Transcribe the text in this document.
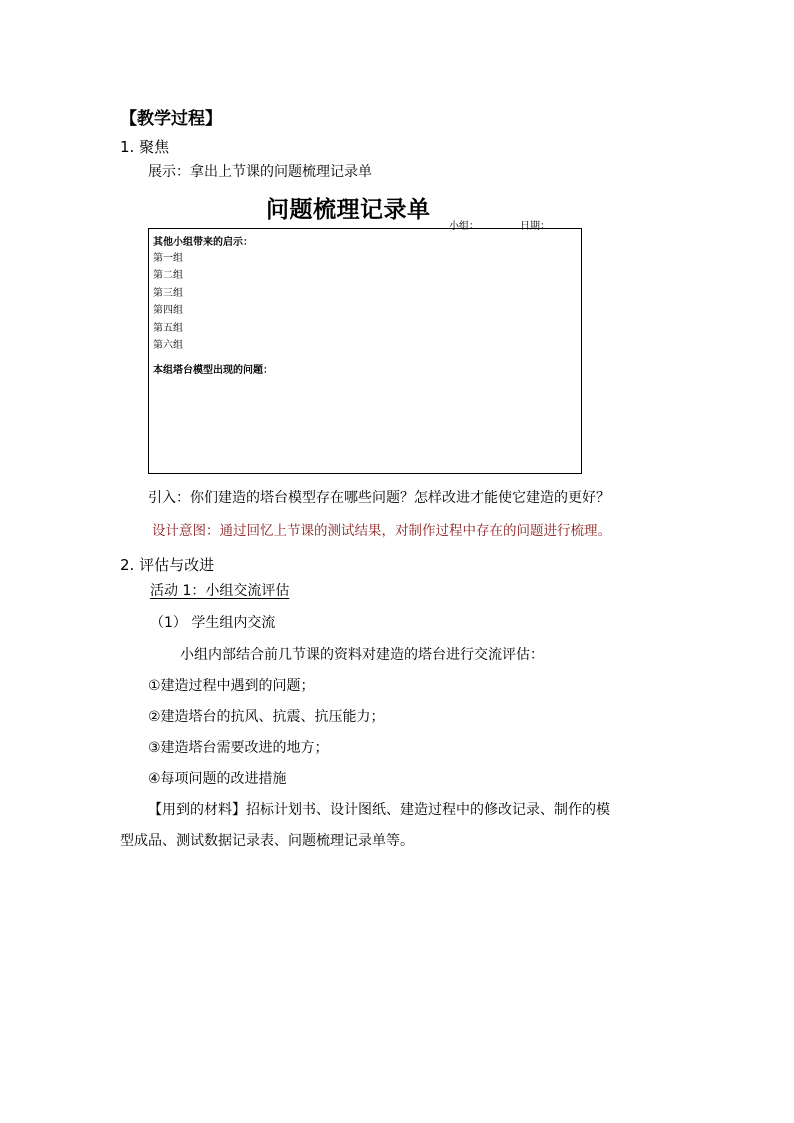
【教学过程】
1. 聚焦
展示：拿出上节课的问题梳理记录单
问题梳理记录单
小组：	日期：
其他小组带来的启示：
第一组
第二组
第三组
第四组
第五组
第六组
本组塔台模型出现的问题：
引入：你们建造的塔台模型存在哪些问题？怎样改进才能使它建造的更好？
设计意图：通过回忆上节课的测试结果，对制作过程中存在的问题进行梳理。
2. 评估与改进
活动 1：小组交流评估
（1） 学生组内交流
小组内部结合前几节课的资料对建造的塔台进行交流评估：
①建造过程中遇到的问题；
②建造塔台的抗风、抗震、抗压能力；
③建造塔台需要改进的地方；
④每项问题的改进措施
【用到的材料】招标计划书、设计图纸、建造过程中的修改记录、制作的模
型成品、测试数据记录表、问题梳理记录单等。
